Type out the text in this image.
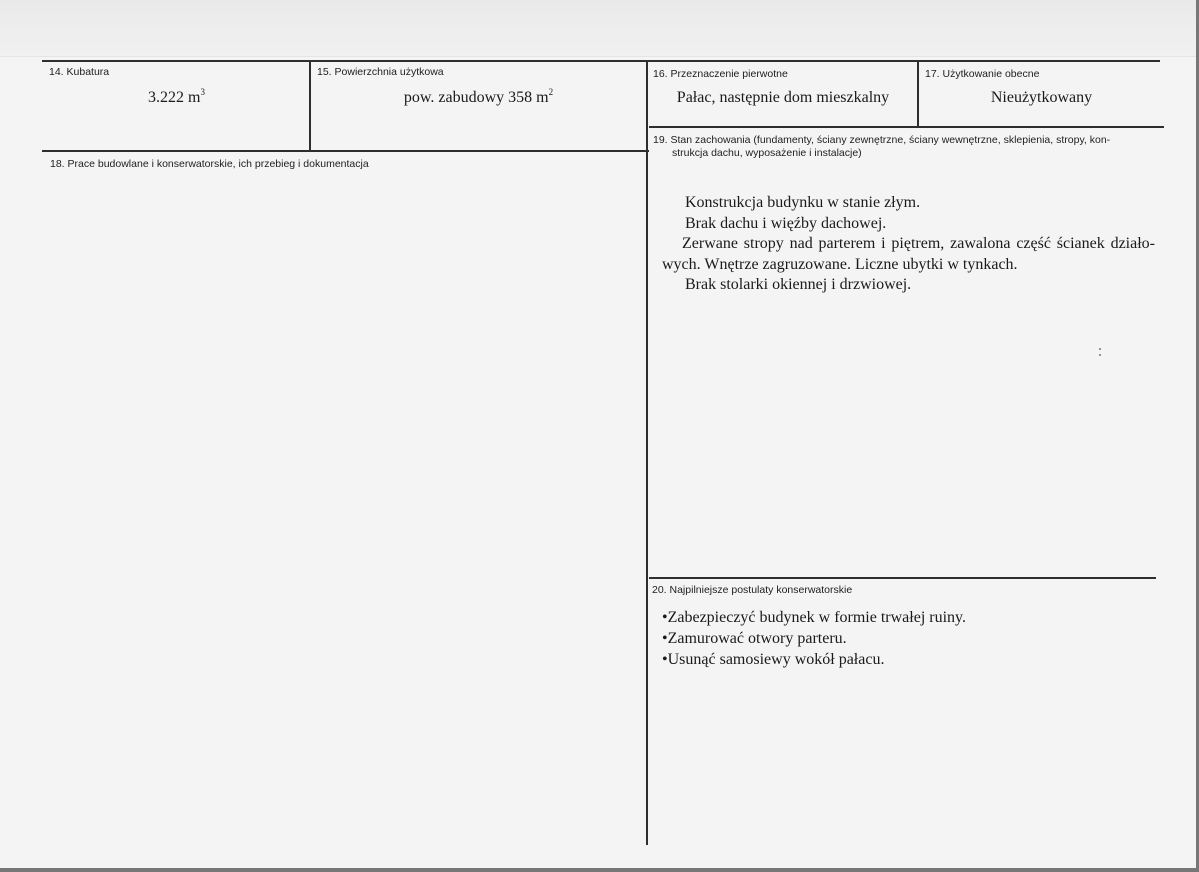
14. Kubatura
3.222 $m^3$
15. Powierzchnia użytkowa
pow. zabudowy 358 $m^2$
16. Przeznaczenie pierwotne
Pałac, następnie dom mieszkalny
17. Użytkowanie obecne
Nieużytkowany
18. Prace budowlane i konserwatorskie, ich przebieg i dokumentacja
19. Stan zachowania (fundamenty, ściany zewnętrzne, ściany wewnętrzne, sklepienia, stropy, kon-
strukcja dachu, wyposażenie i instalacje)

Konstrukcja budynku w stanie złym.

Brak dachu i więźby dachowej.

Zerwane stropy nad parterem i piętrem, zawalona część ścianek działo-wych. Wnętrze zagruzowane. Liczne ubytki w tynkach.

Brak stolarki okiennej i drzwiowej.

20. Najpilniejsze postulaty konserwatorskie
•Zabezpieczyć budynek w formie trwałej ruiny.
•Zamurować otwory parteru.
•Usunąć samosiewy wokół pałacu.
